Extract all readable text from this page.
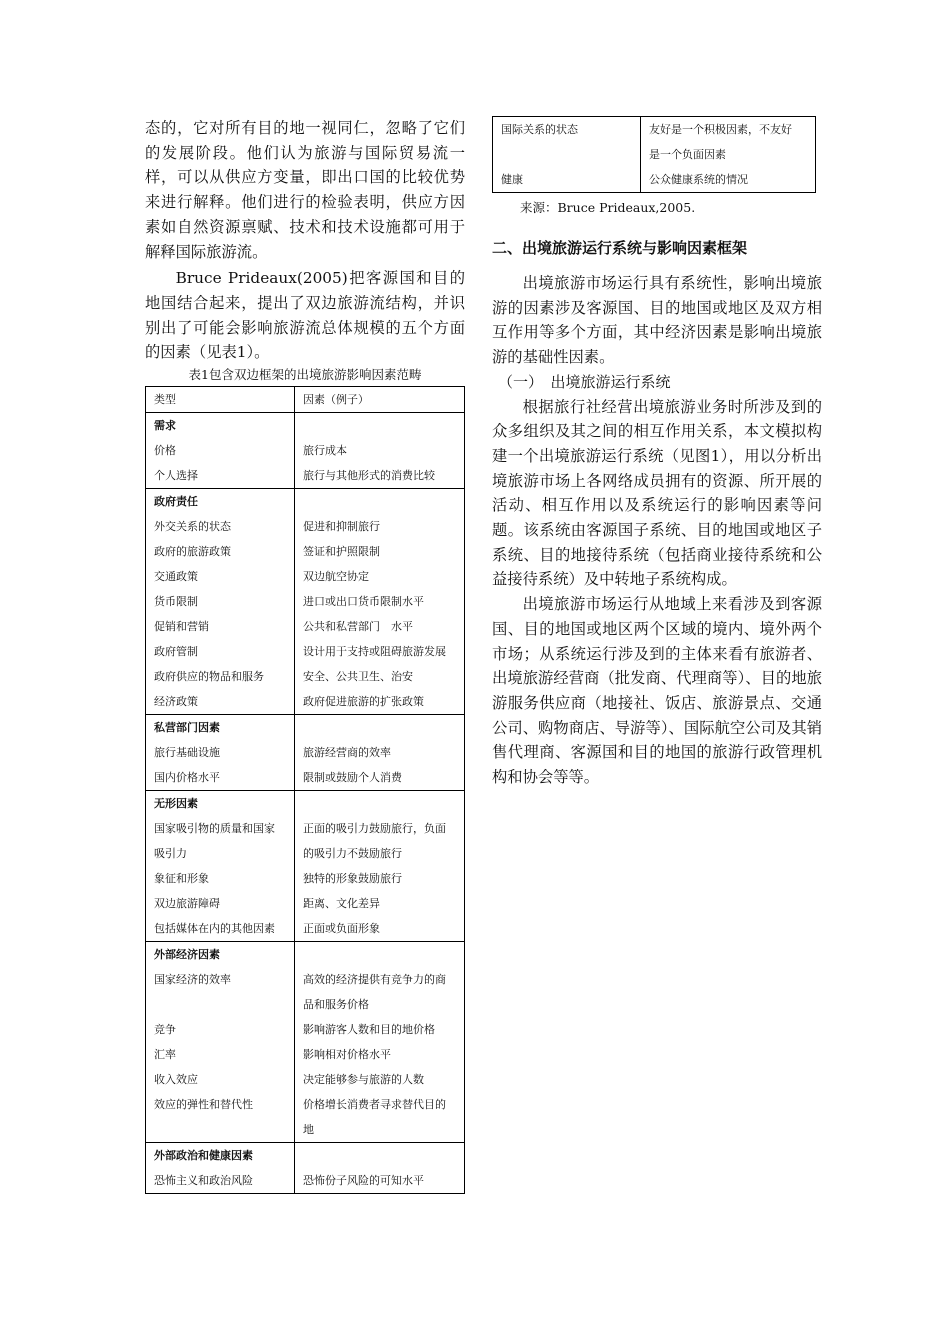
态的，它对所有目的地一视同仁，忽略了它们的发展阶段。他们认为旅游与国际贸易流一样，可以从供应方变量，即出口国的比较优势来进行解释。他们进行的检验表明，供应方因素如自然资源禀赋、技术和技术设施都可用于解释国际旅游流。

Bruce Prideaux(2005)把客源国和目的地国结合起来，提出了双边旅游流结构，并识别出了可能会影响旅游流总体规模的五个方面的因素（见表1）。

表1包含双边框架的出境旅游影响因素范畴
类型	因素（例子）
需求	
价格	旅行成本
个人选择	旅行与其他形式的消费比较
政府责任	
外交关系的状态	促进和抑制旅行
政府的旅游政策	签证和护照限制
交通政策	双边航空协定
货币限制	进口或出口货币限制水平
促销和营销	公共和私营部门　水平
政府管制	设计用于支持或阻碍旅游发展
政府供应的物品和服务	安全、公共卫生、治安
经济政策	政府促进旅游的扩张政策
私营部门因素	
旅行基础设施	旅游经营商的效率
国内价格水平	限制或鼓励个人消费
无形因素	
国家吸引物的质量和国家	正面的吸引力鼓励旅行，负面
吸引力	的吸引力不鼓励旅行
象征和形象	独特的形象鼓励旅行
双边旅游障碍	距离、文化差异
包括媒体在内的其他因素	正面或负面形象
外部经济因素	
国家经济的效率	高效的经济提供有竞争力的商
	品和服务价格
竞争	影响游客人数和目的地价格
汇率	影响相对价格水平
收入效应	决定能够参与旅游的人数
效应的弹性和替代性	价格增长消费者寻求替代目的
	地
外部政治和健康因素	
恐怖主义和政治风险	恐怖份子风险的可知水平
国际关系的状态	友好是一个积极因素，不友好
是一个负面因素

健康	公众健康系统的情况
来源：Bruce Prideaux,2005.
二、出境旅游运行系统与影响因素框架

出境旅游市场运行具有系统性，影响出境旅游的因素涉及客源国、目的地国或地区及双方相互作用等多个方面，其中经济因素是影响出境旅游的基础性因素。

（一）　出境旅游运行系统

根据旅行社经营出境旅游业务时所涉及到的众多组织及其之间的相互作用关系，本文模拟构建一个出境旅游运行系统（见图1），用以分析出境旅游市场上各网络成员拥有的资源、所开展的活动、相互作用以及系统运行的影响因素等问题。该系统由客源国子系统、目的地国或地区子系统、目的地接待系统（包括商业接待系统和公益接待系统）及中转地子系统构成。

出境旅游市场运行从地域上来看涉及到客源国、目的地国或地区两个区域的境内、境外两个市场；从系统运行涉及到的主体来看有旅游者、出境旅游经营商（批发商、代理商等）、目的地旅游服务供应商（地接社、饭店、旅游景点、交通公司、购物商店、导游等）、国际航空公司及其销售代理商、客源国和目的地国的旅游行政管理机构和协会等等。
